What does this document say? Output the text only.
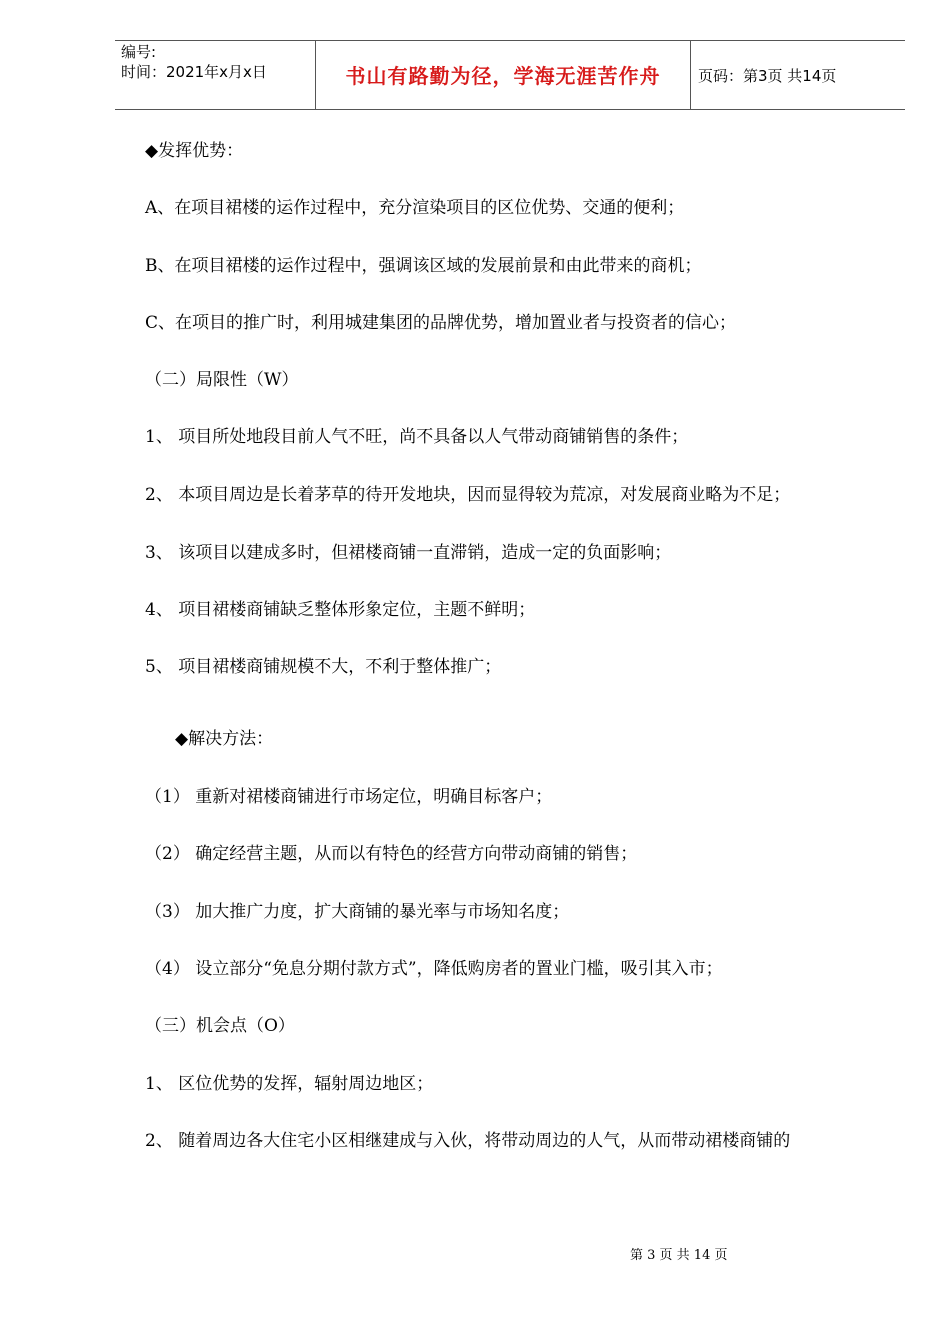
编号:
时间：2021年x月x日	书山有路勤为径，学海无涯苦作舟	页码：第3页 共14页
◆发挥优势：
A、在项目裙楼的运作过程中，充分渲染项目的区位优势、交通的便利；
B、在项目裙楼的运作过程中，强调该区域的发展前景和由此带来的商机；
C、在项目的推广时，利用城建集团的品牌优势，增加置业者与投资者的信心；
（二）局限性（W）
1、 项目所处地段目前人气不旺，尚不具备以人气带动商铺销售的条件；
2、 本项目周边是长着茅草的待开发地块，因而显得较为荒凉，对发展商业略为不足；
3、 该项目以建成多时，但裙楼商铺一直滞销，造成一定的负面影响；
4、 项目裙楼商铺缺乏整体形象定位，主题不鲜明；
5、 项目裙楼商铺规模不大，不利于整体推广；
◆解决方法：
（1） 重新对裙楼商铺进行市场定位，明确目标客户；
（2） 确定经营主题，从而以有特色的经营方向带动商铺的销售；
（3） 加大推广力度，扩大商铺的暴光率与市场知名度；
（4） 设立部分“免息分期付款方式”，降低购房者的置业门槛，吸引其入市；
（三）机会点（O）
1、 区位优势的发挥，辐射周边地区；
2、 随着周边各大住宅小区相继建成与入伙，将带动周边的人气，从而带动裙楼商铺的
第 3 页 共 14 页
